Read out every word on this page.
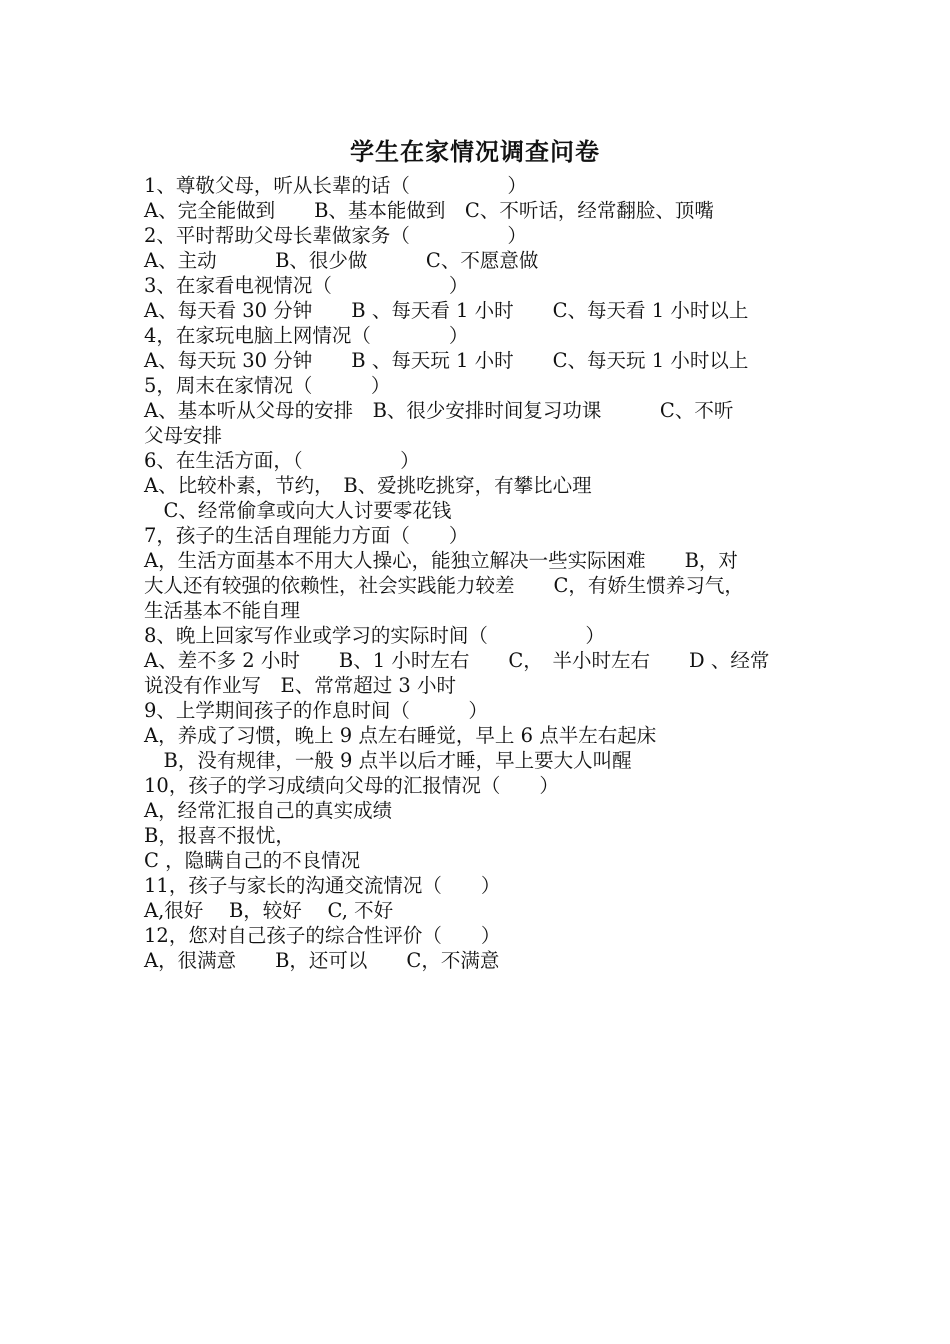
学生在家情况调查问卷
1、尊敬父母，听从长辈的话（　　　　　）
A、完全能做到　　B、基本能做到　C、不听话，经常翻脸、顶嘴
2、平时帮助父母长辈做家务（　　　　　）
A、主动　　　B、很少做　　　C、不愿意做
3、在家看电视情况（　　　　　　）
A、每天看 30 分钟　　B 、每天看 1 小时　　C、每天看 1 小时以上
4，在家玩电脑上网情况（　　　　）
A、每天玩 30 分钟　　B 、每天玩 1 小时　　C、每天玩 1 小时以上
5，周末在家情况（　　　）
A、基本听从父母的安排　B、很少安排时间复习功课　　　C、不听
父母安排
6、在生活方面，（　　　　　）
A、比较朴素，节约，　B、爱挑吃挑穿，有攀比心理
　C、经常偷拿或向大人讨要零花钱
7，孩子的生活自理能力方面（　　）
A，生活方面基本不用大人操心，能独立解决一些实际困难　　B，对
大人还有较强的依赖性，社会实践能力较差　　C，有娇生惯养习气，
生活基本不能自理
8、晚上回家写作业或学习的实际时间（　　　　　）
A、差不多 2 小时　　B、1 小时左右　　C，　半小时左右　　D 、经常
说没有作业写　E、常常超过 3 小时
9、上学期间孩子的作息时间（　　　）
A，养成了习惯，晚上 9 点左右睡觉，早上 6 点半左右起床
　B，没有规律，一般 9 点半以后才睡，早上要大人叫醒
10，孩子的学习成绩向父母的汇报情况（　　）
A，经常汇报自己的真实成绩
B，报喜不报忧，
C ，隐瞒自己的不良情况
11，孩子与家长的沟通交流情况（　　）
A,很好　 B，较好　 C, 不好
12，您对自己孩子的综合性评价（　　）
A，很满意　　B，还可以　　C，不满意
